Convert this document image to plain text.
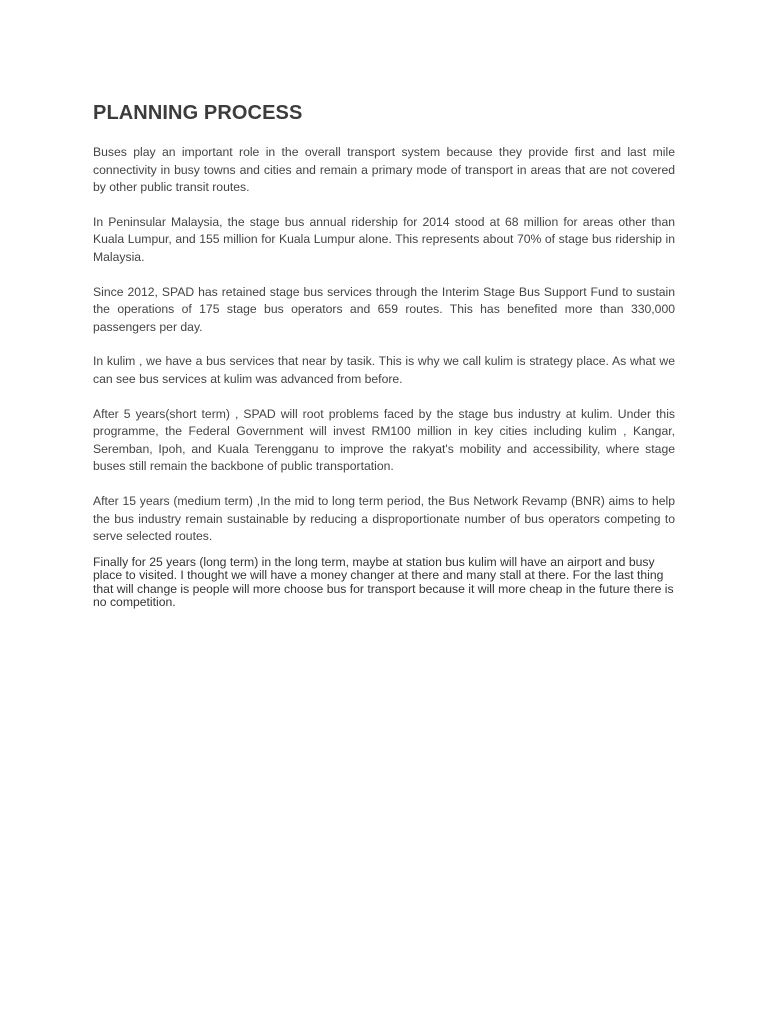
PLANNING PROCESS

Buses play an important role in the overall transport system because they provide first and last mile connectivity in busy towns and cities and remain a primary mode of transport in areas that are not covered by other public transit routes.

In Peninsular Malaysia, the stage bus annual ridership for 2014 stood at 68 million for areas other than Kuala Lumpur, and 155 million for Kuala Lumpur alone. This represents about 70% of stage bus ridership in Malaysia.

Since 2012, SPAD has retained stage bus services through the Interim Stage Bus Support Fund to sustain the operations of 175 stage bus operators and 659 routes. This has benefited more than 330,000 passengers per day.

In kulim , we have a bus services that near by tasik. This is why we call kulim is strategy place. As what we can see bus services at kulim was advanced from before.

After 5 years(short term) , SPAD will root problems faced by the stage bus industry at kulim. Under this programme, the Federal Government will invest RM100 million in key cities including kulim , Kangar, Seremban, Ipoh, and Kuala Terengganu to improve the rakyat's mobility and accessibility, where stage buses still remain the backbone of public transportation.

After 15 years (medium term) ,In the mid to long term period, the Bus Network Revamp (BNR) aims to help the bus industry remain sustainable by reducing a disproportionate number of bus operators competing to serve selected routes.

Finally for 25 years (long term) in the long term, maybe at station bus kulim will have an airport and busy place to visited. I thought we will have a money changer at there and many stall at there. For the last thing that will change is people will more choose bus for transport because it will more cheap in the future there is no competition.
